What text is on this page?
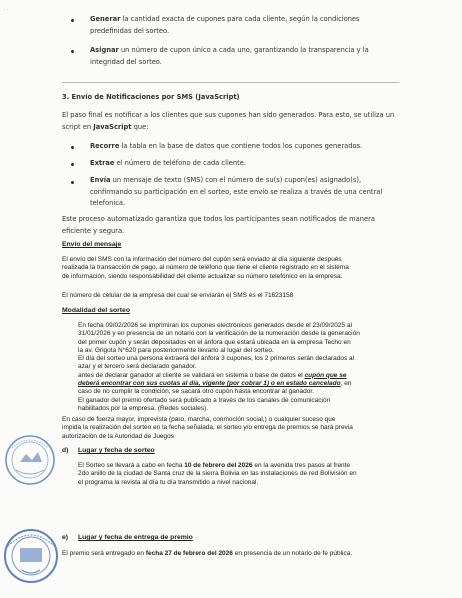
. .
Generar la cantidad exacta de cupones para cada cliente, según la condiciones
predefinidas del sorteo.
Asignar un número de cupon único a cada uno, garantizando la transparencia y la
integridad del sorteo.
3. Envío de Notificaciones por SMS (JavaScript)
El paso final es notificar a los clientes que sus cupones han sido generados. Para esto, se utiliza un
script en JavaScript que:
Recorre la tabla en la base de datos que contiene todos los cupones generados.
Extrae el número de teléfono de cada cliente.
Envía un mensaje de texto (SMS) con el número de su(s) cupon(es) asignado(s),
confirmando su participación en el sorteo, este envío se realiza a través de una central
telefonica.
Este proceso automatizado garantiza que todos los participantes sean notificados de manera
eficiente y segura.
Envío del mensaje
El envío del SMS con la información del número del cupón será enviado al día siguiente después
realizada la transacción de pago, al número de teléfono que tiene el cliente registrado en el sistema
de información, siendo responsabilidad del cliente actualizar su número telefónico en la empresa.
El número de celular de la empresa del cual se enviarán el SMS es el 71623158
Modalidad del sorteo
En fecha 09/02/2026 se imprimiran los cupones electrónicos generados desde el 23/09/2025 al
31/01/2026 y en presencia de un notario con la verificación de la numeración desde la generación
del primer cupón y serán depositados en el ánfora que estará ubicada en la empresa Techo en
la av. Grigota N°620 para posteriormente llevarlo al lugar del sorteo.
El día del sorteo una persona extraerá del ánfora 3 cupones, los 2 primeros serán declarados al
azar y el tercero será declarado ganador.
antes de declarar ganador al cliente se validará en sistema o base de datos el cupón que se
deberá encontrar con sus cuotas al día, vigente (por cobrar 1) o en estado cancelado, en
caso de no cumplir la condición, se sacará otro cupón hasta encontrar al ganador.
El ganador del premio ofertado será publicado a través de los canales de comunicación
habilitados por la empresa. (Redes sociales).
En caso de fuerza mayor, imprevista (paro, marcha, conmoción social,) o cualquier suceso que
impida la realización del sorteo en la fecha señalada, el sorteo y/o entrega de premios se hará previa
autorización de la Autoridad de Juegos
d) Lugar y fecha de sorteo
El Sorteo se llevará a cabo en fecha 10 de febrero del 2026 en la avenida tres pasos al frente
2do anillo de la ciudad de Santa cruz de la sierra Bolivia en las instalaciones de red Bolivisión en
el programa la revista al día tu día transmitido a nivel nacional.
e) Lugar y fecha de entrega de premio
El premio será entregado en fecha 27 de febrero del 2026 en presencia de un notario de fe pública.
